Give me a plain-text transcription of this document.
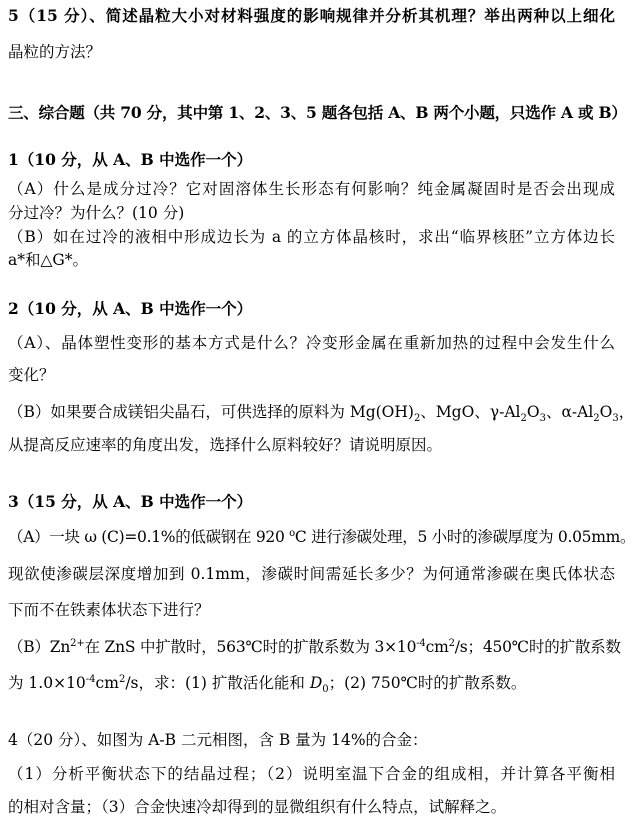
5（15 分）、简述晶粒大小对材料强度的影响规律并分析其机理？举出两种以上细化
晶粒的方法？
三、综合题（共 70 分，其中第 1、2、3、5 题各包括 A、B 两个小题，只选作 A 或 B）
1（10 分，从 A、B 中选作一个）
（A）什么是成分过冷？它对固溶体生长形态有何影响？纯金属凝固时是否会出现成
分过冷？为什么？(10 分)
（B）如在过冷的液相中形成边长为 a 的立方体晶核时，求出“临界核胚”立方体边长
a*和△G*。
2（10 分，从 A、B 中选作一个）
（A）、晶体塑性变形的基本方式是什么？冷变形金属在重新加热的过程中会发生什么
变化？
（B）如果要合成镁铝尖晶石，可供选择的原料为 $Mg(OH)_2$、MgO、$\gamma-Al_2O_3$、$\alpha-Al_2O_3$，
从提高反应速率的角度出发，选择什么原料较好？请说明原因。
3（15 分，从 A、B 中选作一个）
（A）一块 ω (C)=0.1%的低碳钢在 920 $^o$C 进行渗碳处理，5 小时的渗碳厚度为 0.05mm。
现欲使渗碳层深度增加到 0.1mm，渗碳时间需延长多少？为何通常渗碳在奥氏体状态
下而不在铁素体状态下进行？
$(B)Zn^{2+}$在 ZnS 中扩散时，563℃时的扩散系数为 $3\times 10^{-4}cm^2/s$；450℃时的扩散系数
为 $1.0\times 10^{-4}cm^2/s$，求：(1) 扩散活化能和 $D_0$；(2) 750℃时的扩散系数。
4（20 分）、如图为 A-B 二元相图，含 B 量为 14%的合金：
（1）分析平衡状态下的结晶过程；（2）说明室温下合金的组成相，并计算各平衡相
的相对含量；（3）合金快速冷却得到的显微组织有什么特点，试解释之。
